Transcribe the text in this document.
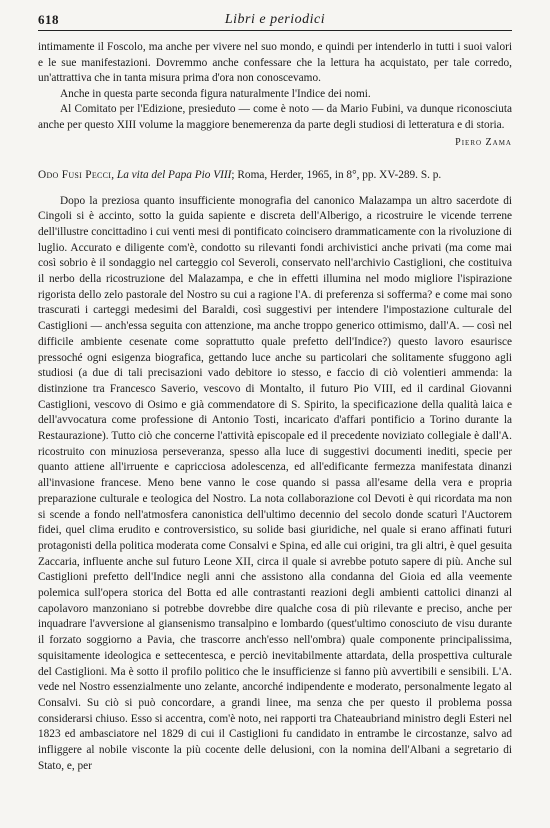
618	Libri e periodici

intimamente il Foscolo, ma anche per vivere nel suo mondo, e quindi per intenderlo in tutti i suoi valori e le sue manifestazioni. Dovremmo anche confessare che la lettura ha acquistato, per tale corredo, un'attrattiva che in tanta misura prima d'ora non conoscevamo.

Anche in questa parte seconda figura naturalmente l'Indice dei nomi.

Al Comitato per l'Edizione, presieduto — come è noto — da Mario Fubini, va dunque riconosciuta anche per questo XIII volume la maggiore benemerenza da parte degli studiosi di letteratura e di storia.

Piero Zama
Odo Fusi Pecci, La vita del Papa Pio VIII; Roma, Herder, 1965, in 8°, pp. XV-289. S. p.

Dopo la preziosa quanto insufficiente monografia del canonico Malazampa un altro sacerdote di Cingoli si è accinto, sotto la guida sapiente e discreta dell'Alberigo, a ricostruire le vicende terrene dell'illustre concittadino i cui venti mesi di pontificato coincisero drammaticamente con la rivoluzione di luglio. Accurato e diligente com'è, condotto su rilevanti fondi archivistici anche privati (ma come mai così sobrio è il sondaggio nel carteggio col Severoli, conservato nell'archivio Castiglioni, che costituiva il nerbo della ricostruzione del Malazampa, e che in effetti illumina nel modo migliore l'ispirazione rigorista dello zelo pastorale del Nostro su cui a ragione l'A. di preferenza si sofferma? e come mai sono trascurati i carteggi medesimi del Baraldi, così suggestivi per intendere l'impostazione culturale del Castiglioni — anch'essa seguita con attenzione, ma anche troppo generico ottimismo, dall'A. — così nel difficile ambiente cesenate come soprattutto quale prefetto dell'Indice?) questo lavoro esaurisce pressoché ogni esigenza biografica, gettando luce anche su particolari che solitamente sfuggono agli studiosi (a due di tali precisazioni vado debitore io stesso, e faccio di ciò volentieri ammenda: la distinzione tra Francesco Saverio, vescovo di Montalto, il futuro Pio VIII, ed il cardinal Giovanni Castiglioni, vescovo di Osimo e già commendatore di S. Spirito, la specificazione della qualità laica e dell'avvocatura come professione di Antonio Tosti, incaricato d'affari pontificio a Torino durante la Restaurazione). Tutto ciò che concerne l'attività episcopale ed il precedente noviziato collegiale è dall'A. ricostruito con minuziosa perseveranza, spesso alla luce di suggestivi documenti inediti, specie per quanto attiene all'irruente e capricciosa adolescenza, ed all'edificante fermezza manifestata dinanzi all'invasione francese. Meno bene vanno le cose quando si passa all'esame della vera e propria preparazione culturale e teologica del Nostro. La nota collaborazione col Devoti è qui ricordata ma non si scende a fondo nell'atmosfera canonistica dell'ultimo decennio del secolo donde scaturì l'Auctorem fidei, quel clima erudito e controversistico, su solide basi giuridiche, nel quale si erano affinati futuri protagonisti della politica moderata come Consalvi e Spina, ed alle cui origini, tra gli altri, è quel gesuita Zaccaria, influente anche sul futuro Leone XII, circa il quale si avrebbe potuto sapere di più. Anche sul Castiglioni prefetto dell'Indice negli anni che assistono alla condanna del Gioia ed alla veemente polemica sull'opera storica del Botta ed alle contrastanti reazioni degli ambienti cattolici dinanzi al capolavoro manzoniano si potrebbe dovrebbe dire qualche cosa di più rilevante e preciso, anche per inquadrare l'avversione al giansenismo transalpino e lombardo (quest'ultimo conosciuto de visu durante il forzato soggiorno a Pavia, che trascorre anch'esso nell'ombra) quale componente principalissima, squisitamente ideologica e settecentesca, e perciò inevitabilmente attardata, della prospettiva culturale del Castiglioni. Ma è sotto il profilo politico che le insufficienze si fanno più avvertibili e sensibili. L'A. vede nel Nostro essenzialmente uno zelante, ancorché indipendente e moderato, personalmente legato al Consalvi. Su ciò si può concordare, a grandi linee, ma senza che per questo il problema possa considerarsi chiuso. Esso si accentra, com'è noto, nei rapporti tra Chateaubriand ministro degli Esteri nel 1823 ed ambasciatore nel 1829 di cui il Castiglioni fu candidato in entrambe le circostanze, salvo ad infliggere al nobile visconte la più cocente delle delusioni, con la nomina dell'Albani a segretario di Stato, e, per
